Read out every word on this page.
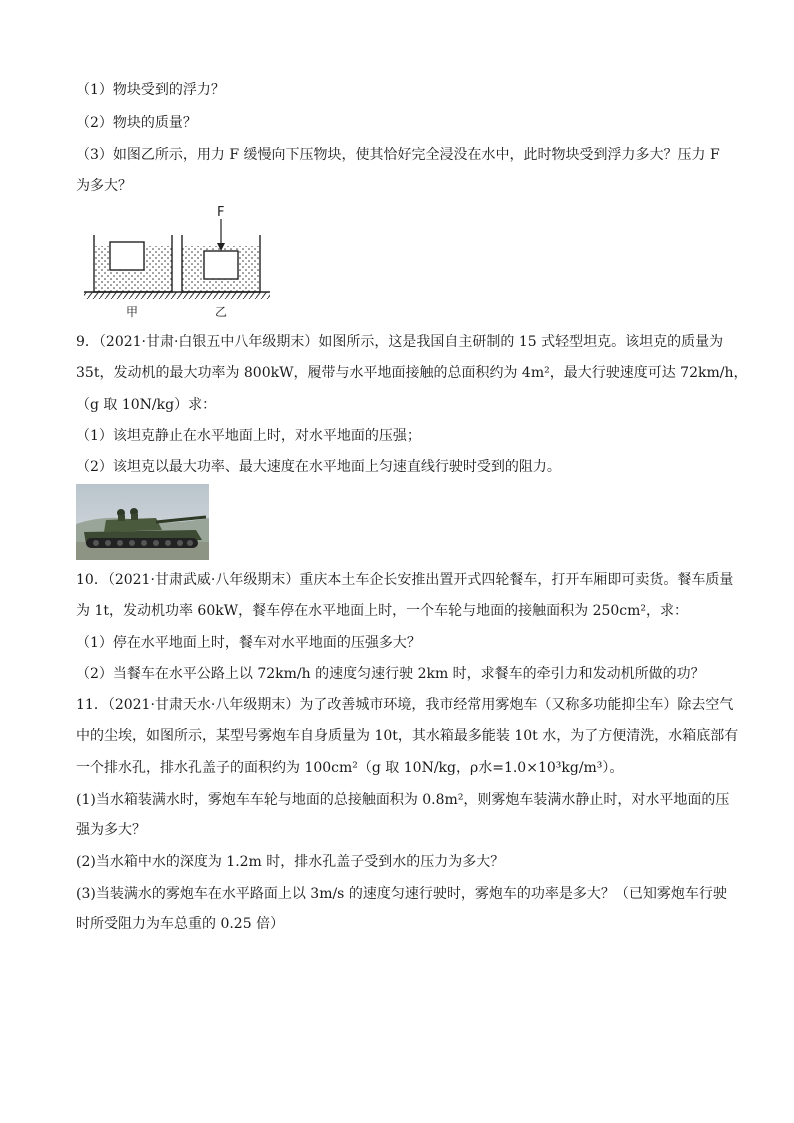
（1）物块受到的浮力？
（2）物块的质量？
（3）如图乙所示，用力 F 缓慢向下压物块，使其恰好完全浸没在水中，此时物块受到浮力多大？压力 F
为多大？
F
甲	乙
9．（2021·甘肃·白银五中八年级期末）如图所示，这是我国自主研制的 15 式轻型坦克。该坦克的质量为
35t，发动机的最大功率为 800kW，履带与水平地面接触的总面积约为 4m²，最大行驶速度可达 72km/h，
（g 取 10N/kg）求：
（1）该坦克静止在水平地面上时，对水平地面的压强；
（2）该坦克以最大功率、最大速度在水平地面上匀速直线行驶时受到的阻力。
10．（2021·甘肃武威·八年级期末）重庆本土车企长安推出置开式四轮餐车，打开车厢即可卖货。餐车质量
为 1t，发动机功率 60kW，餐车停在水平地面上时，一个车轮与地面的接触面积为 250cm²，求：
（1）停在水平地面上时，餐车对水平地面的压强多大？
（2）当餐车在水平公路上以 72km/h 的速度匀速行驶 2km 时，求餐车的牵引力和发动机所做的功？
11．（2021·甘肃天水·八年级期末）为了改善城市环境，我市经常用雾炮车（又称多功能抑尘车）除去空气
中的尘埃，如图所示，某型号雾炮车自身质量为 10t，其水箱最多能装 10t 水，为了方便清洗，水箱底部有
一个排水孔，排水孔盖子的面积约为 100cm²（g 取 10N/kg，ρ水=1.0×10³kg/m³）。
(1)当水箱装满水时，雾炮车车轮与地面的总接触面积为 0.8m²，则雾炮车装满水静止时，对水平地面的压
强为多大？
(2)当水箱中水的深度为 1.2m 时，排水孔盖子受到水的压力为多大？
(3)当装满水的雾炮车在水平路面上以 3m/s 的速度匀速行驶时，雾炮车的功率是多大？（已知雾炮车行驶
时所受阻力为车总重的 0.25 倍）
